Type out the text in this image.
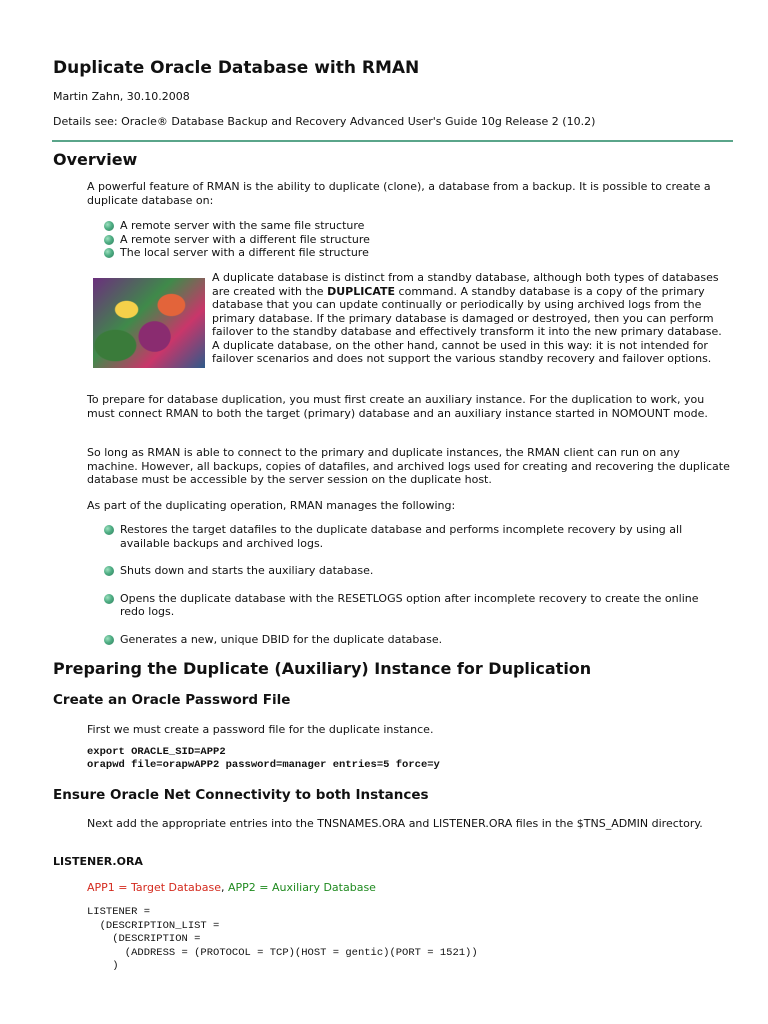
Duplicate Oracle Database with RMAN

Martin Zahn, 30.10.2008

Details see: Oracle® Database Backup and Recovery Advanced User's Guide 10g Release 2 (10.2)

Overview

A powerful feature of RMAN is the ability to duplicate (clone), a database from a backup. It is possible to create a duplicate database on:

A remote server with the same file structure
A remote server with a different file structure
The local server with a different file structure

A duplicate database is distinct from a standby database, although both types of databases are created with the DUPLICATE command. A standby database is a copy of the primary database that you can update continually or periodically by using archived logs from the primary database. If the primary database is damaged or destroyed, then you can perform failover to the standby database and effectively transform it into the new primary database. A duplicate database, on the other hand, cannot be used in this way: it is not intended for failover scenarios and does not support the various standby recovery and failover options.

To prepare for database duplication, you must first create an auxiliary instance. For the duplication to work, you must connect RMAN to both the target (primary) database and an auxiliary instance started in NOMOUNT mode.

So long as RMAN is able to connect to the primary and duplicate instances, the RMAN client can run on any machine. However, all backups, copies of datafiles, and archived logs used for creating and recovering the duplicate database must be accessible by the server session on the duplicate host.

As part of the duplicating operation, RMAN manages the following:

Restores the target datafiles to the duplicate database and performs incomplete recovery by using all available backups and archived logs.
Shuts down and starts the auxiliary database.
Opens the duplicate database with the RESETLOGS option after incomplete recovery to create the online redo logs.
Generates a new, unique DBID for the duplicate database.
Preparing the Duplicate (Auxiliary) Instance for Duplication
Create an Oracle Password File

First we must create a password file for the duplicate instance.

export ORACLE_SID=APP2
orapwd file=orapwAPP2 password=manager entries=5 force=y
Ensure Oracle Net Connectivity to both Instances

Next add the appropriate entries into the TNSNAMES.ORA and LISTENER.ORA files in the $TNS_ADMIN directory.

LISTENER.ORA

APP1 = Target Database, APP2 = Auxiliary Database

LISTENER =
(DESCRIPTION_LIST =
(DESCRIPTION =
(ADDRESS = (PROTOCOL = TCP)(HOST = gentic)(PORT = 1521))
)
